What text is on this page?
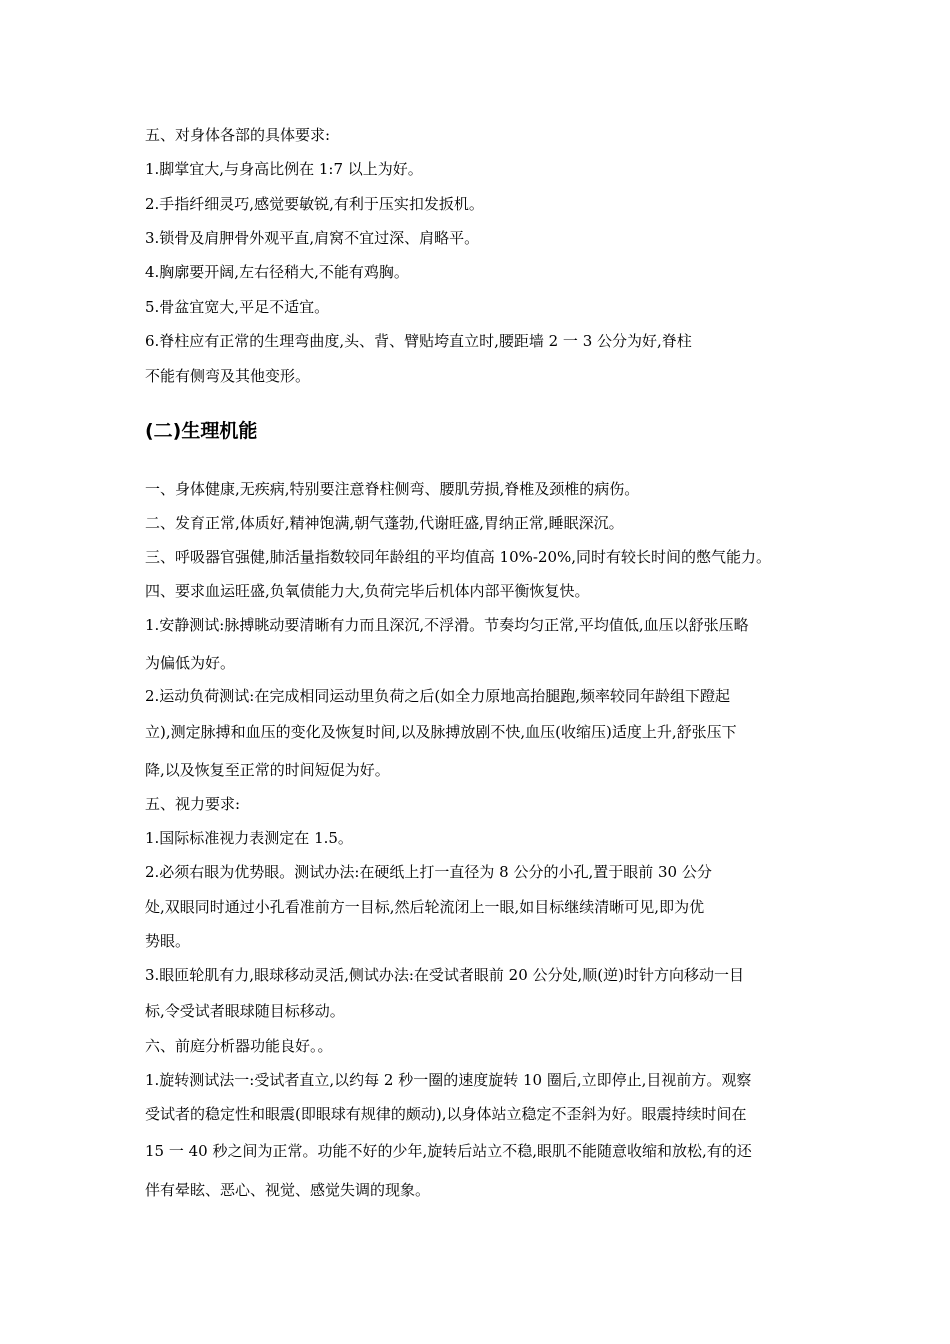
五、对身体各部的具体要求:
1.脚掌宜大,与身高比例在 1:7 以上为好。
2.手指纤细灵巧,感觉要敏锐,有利于压实扣发扳机。
3.锁骨及肩胛骨外观平直,肩窝不宜过深、肩略平。
4.胸廓要开阔,左右径稍大,不能有鸡胸。
5.骨盆宜宽大,平足不适宜。
6.脊柱应有正常的生理弯曲度,头、背、臂贴垮直立时,腰距墙 2 一 3 公分为好,脊柱
不能有侧弯及其他变形。
(二)生理机能
一、身体健康,无疾病,特别要注意脊柱侧弯、腰肌劳损,脊椎及颈椎的病伤。
二、发育正常,体质好,精神饱满,朝气蓬勃,代谢旺盛,胃纳正常,睡眠深沉。
三、呼吸器官强健,肺活量指数较同年龄组的平均值高 10%-20%,同时有较长时间的憋气能力。
四、要求血运旺盛,负氧债能力大,负荷完毕后机体内部平衡恢复快。
1.安静测试:脉搏眺动要清晰有力而且深沉,不浮滑。节奏均匀正常,平均值低,血压以舒张压略
为偏低为好。
2.运动负荷测试:在完成相同运动里负荷之后(如全力原地高抬腿跑,频率较同年龄组下蹬起
立),测定脉搏和血压的变化及恢复时间,以及脉搏放剧不快,血压(收缩压)适度上升,舒张压下
降,以及恢复至正常的时间短促为好。
五、视力要求:
1.国际标准视力表测定在 1.5。
2.必须右眼为优势眼。测试办法:在硬纸上打一直径为 8 公分的小孔,置于眼前 30 公分
处,双眼同时通过小孔看准前方一目标,然后轮流闭上一眼,如目标继续清晰可见,即为优
势眼。
3.眼匝轮肌有力,眼球移动灵活,侧试办法:在受试者眼前 20 公分处,顺(逆)时针方向移动一目
标,令受试者眼球随目标移动。
六、前庭分析器功能良好。。
1.旋转测试法一:受试者直立,以约每 2 秒一圈的速度旋转 10 圈后,立即停止,目视前方。观察
受试者的稳定性和眼震(即眼球有规律的颇动),以身体站立稳定不歪斜为好。眼震持续时间在
15 一 40 秒之间为正常。功能不好的少年,旋转后站立不稳,眼肌不能随意收缩和放松,有的还
伴有晕眩、恶心、视觉、感觉失调的现象。
